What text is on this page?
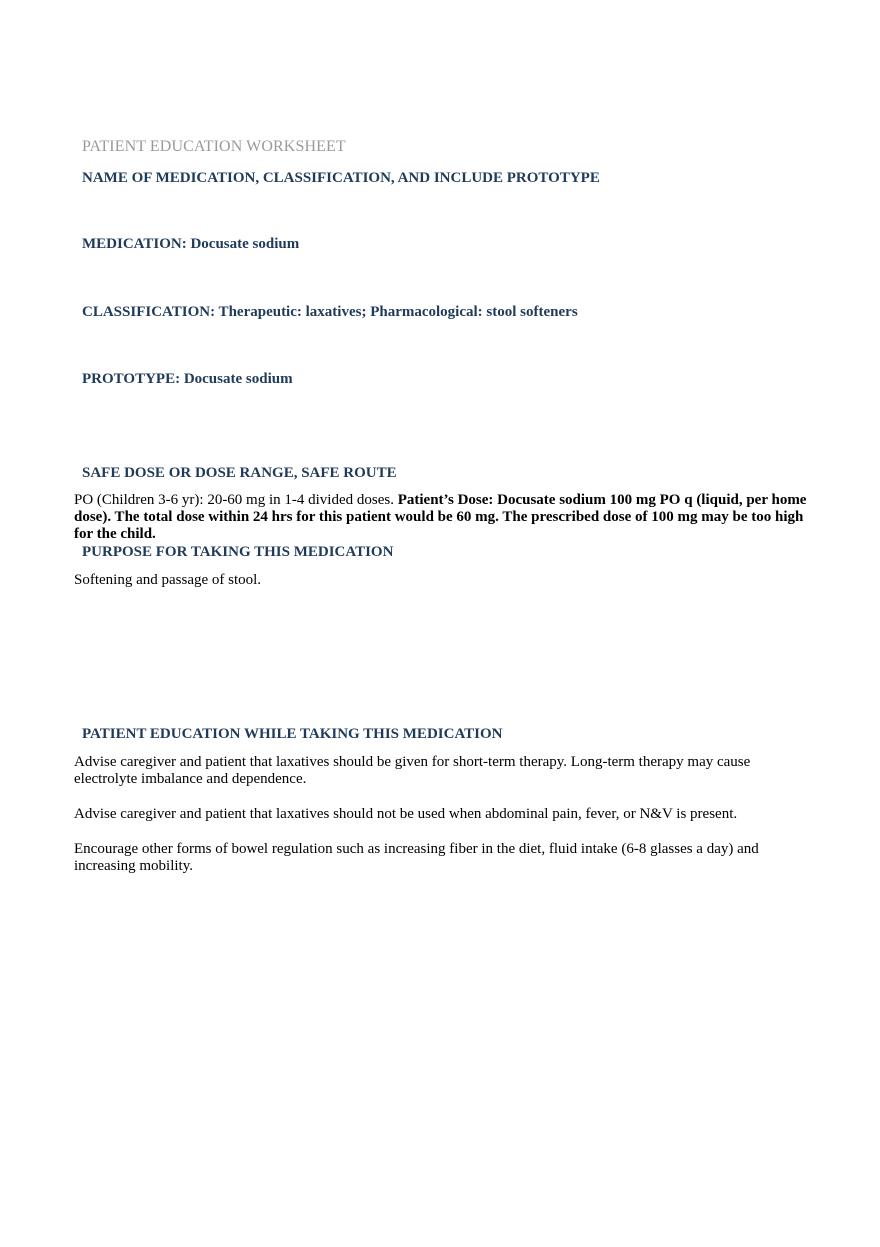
PATIENT EDUCATION WORKSHEET
NAME OF MEDICATION, CLASSIFICATION, AND INCLUDE PROTOTYPE
MEDICATION: Docusate sodium
CLASSIFICATION: Therapeutic: laxatives; Pharmacological: stool softeners
PROTOTYPE: Docusate sodium
SAFE DOSE OR DOSE RANGE, SAFE ROUTE
PO (Children 3-6 yr): 20-60 mg in 1-4 divided doses. Patient’s Dose: Docusate sodium 100 mg PO q (liquid, per home dose). The total dose within 24 hrs for this patient would be 60 mg. The prescribed dose of 100 mg may be too high for the child.
PURPOSE FOR TAKING THIS MEDICATION
Softening and passage of stool.
PATIENT EDUCATION WHILE TAKING THIS MEDICATION
Advise caregiver and patient that laxatives should be given for short-term therapy. Long-term therapy may cause electrolyte imbalance and dependence.
Advise caregiver and patient that laxatives should not be used when abdominal pain, fever, or N&V is present.
Encourage other forms of bowel regulation such as increasing fiber in the diet, fluid intake (6-8 glasses a day) and increasing mobility.
